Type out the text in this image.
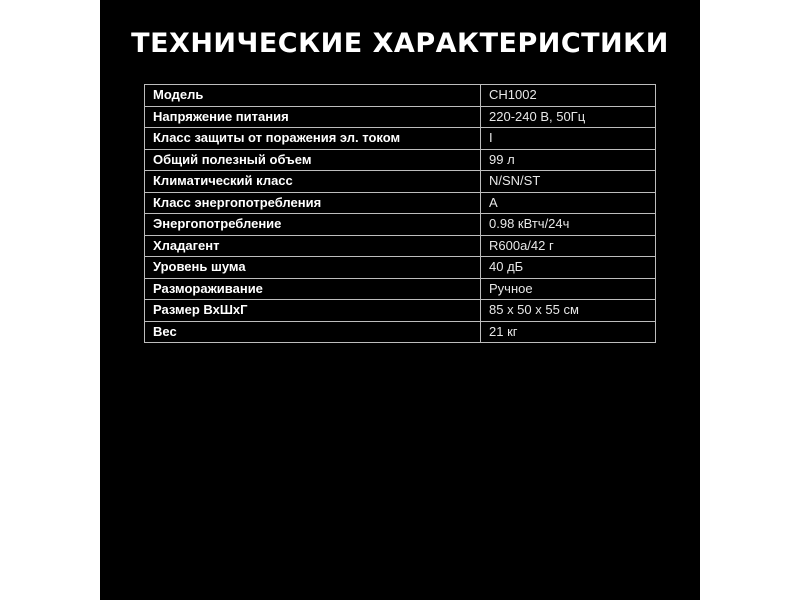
ТЕХНИЧЕСКИЕ ХАРАКТЕРИСТИКИ
Модель	CH1002
Напряжение питания	220-240 В, 50Гц
Класс защиты от поражения эл. током	I
Общий полезный объем	99 л
Климатический класс	N/SN/ST
Класс энергопотребления	A
Энергопотребление	0.98 кВтч/24ч
Хладагент	R600a/42 г
Уровень шума	40 дБ
Размораживание	Ручное
Размер ВхШхГ	85 х 50 х 55 см
Вес	21 кг
